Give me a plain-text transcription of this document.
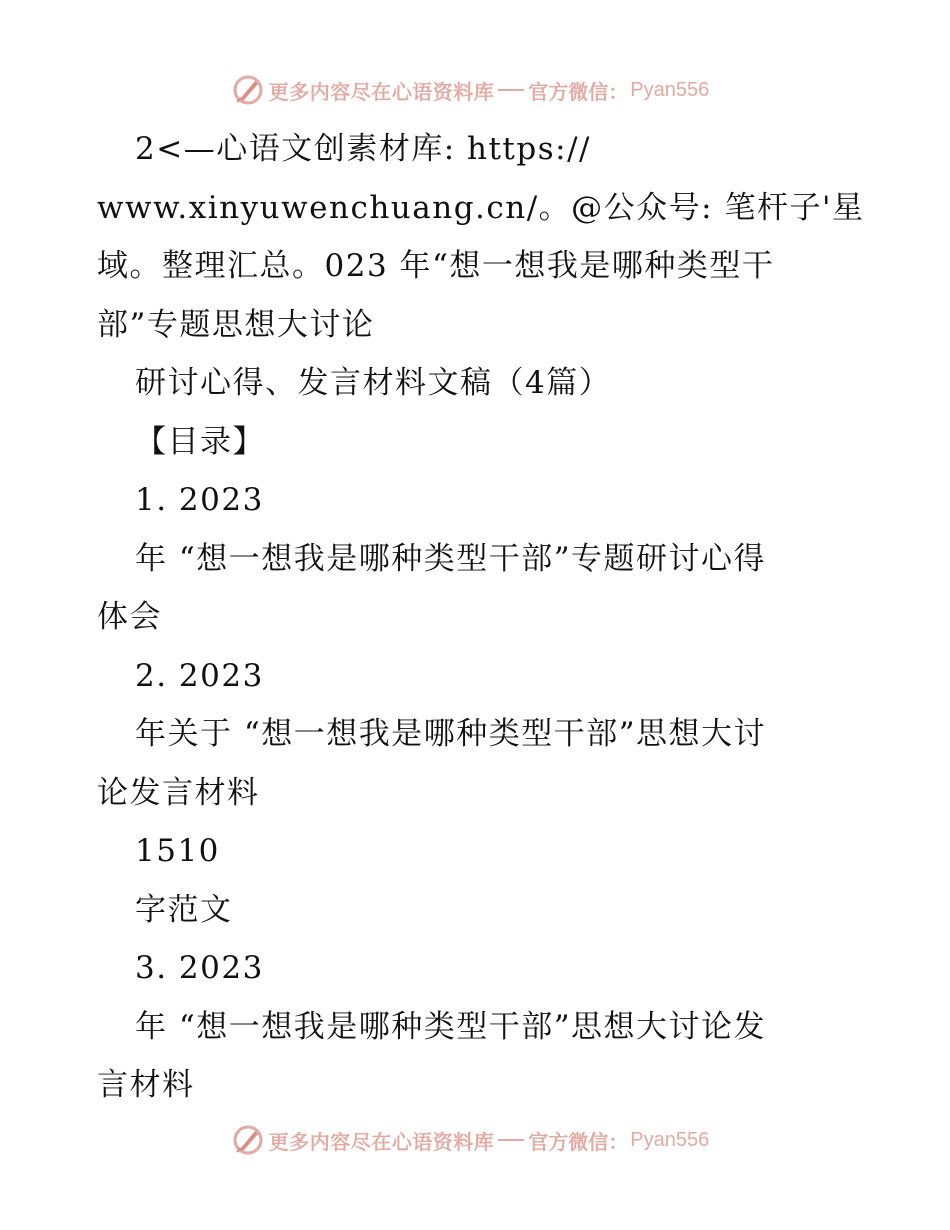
更多内容尽在心语资料库 官方微信： Pyan556
2<—心语文创素材库: https://
www.xinyuwenchuang.cn/。@公众号: 笔杆子'星
域。整理汇总。023 年“想一想我是哪种类型干
部”专题思想大讨论
研讨心得、发言材料文稿（4篇）
【目录】
1. 2023
年 “想一想我是哪种类型干部”专题研讨心得
体会
2. 2023
年关于 “想一想我是哪种类型干部”思想大讨
论发言材料
1510
字范文
3. 2023
年 “想一想我是哪种类型干部”思想大讨论发
言材料
更多内容尽在心语资料库 官方微信： Pyan556
